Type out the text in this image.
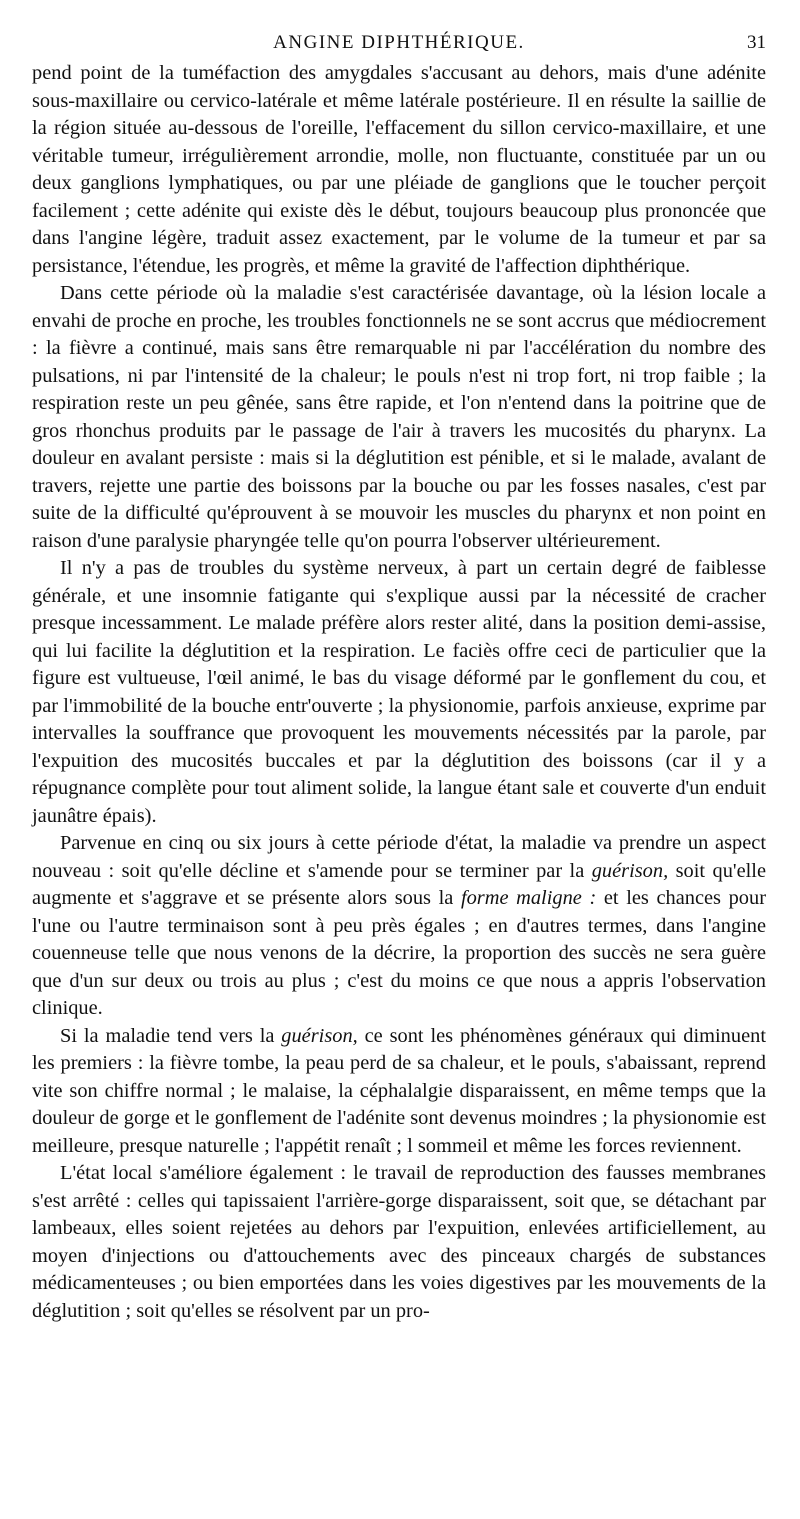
ANGINE DIPHTHÉRIQUE.	31

pend point de la tuméfaction des amygdales s'accusant au dehors, mais d'une adénite sous-maxillaire ou cervico-latérale et même latérale postérieure. Il en résulte la saillie de la région située au-dessous de l'oreille, l'effacement du sillon cervico-maxillaire, et une véritable tumeur, irrégulièrement arrondie, molle, non fluctuante, constituée par un ou deux ganglions lymphatiques, ou par une pléiade de ganglions que le toucher perçoit facilement ; cette adénite qui existe dès le début, toujours beaucoup plus prononcée que dans l'angine légère, traduit assez exactement, par le volume de la tumeur et par sa persistance, l'étendue, les progrès, et même la gravité de l'affection diphthérique.

Dans cette période où la maladie s'est caractérisée davantage, où la lésion locale a envahi de proche en proche, les troubles fonctionnels ne se sont accrus que médiocrement : la fièvre a continué, mais sans être remarquable ni par l'accélération du nombre des pulsations, ni par l'intensité de la chaleur; le pouls n'est ni trop fort, ni trop faible ; la respiration reste un peu gênée, sans être rapide, et l'on n'entend dans la poitrine que de gros rhonchus produits par le passage de l'air à travers les mucosités du pharynx. La douleur en avalant persiste : mais si la déglutition est pénible, et si le malade, avalant de travers, rejette une partie des boissons par la bouche ou par les fosses nasales, c'est par suite de la difficulté qu'éprouvent à se mouvoir les muscles du pharynx et non point en raison d'une paralysie pharyngée telle qu'on pourra l'observer ultérieurement.

Il n'y a pas de troubles du système nerveux, à part un certain degré de faiblesse générale, et une insomnie fatigante qui s'explique aussi par la nécessité de cracher presque incessamment. Le malade préfère alors rester alité, dans la position demi-assise, qui lui facilite la déglutition et la respiration. Le faciès offre ceci de particulier que la figure est vultueuse, l'œil animé, le bas du visage déformé par le gonflement du cou, et par l'immobilité de la bouche entr'ouverte ; la physionomie, parfois anxieuse, exprime par intervalles la souffrance que provoquent les mouvements nécessités par la parole, par l'expuition des mucosités buccales et par la déglutition des boissons (car il y a répugnance complète pour tout aliment solide, la langue étant sale et couverte d'un enduit jaunâtre épais).

Parvenue en cinq ou six jours à cette période d'état, la maladie va prendre un aspect nouveau : soit qu'elle décline et s'amende pour se terminer par la guérison, soit qu'elle augmente et s'aggrave et se présente alors sous la forme maligne : et les chances pour l'une ou l'autre terminaison sont à peu près égales ; en d'autres termes, dans l'angine couenneuse telle que nous venons de la décrire, la proportion des succès ne sera guère que d'un sur deux ou trois au plus ; c'est du moins ce que nous a appris l'observation clinique.

Si la maladie tend vers la guérison, ce sont les phénomènes généraux qui diminuent les premiers : la fièvre tombe, la peau perd de sa chaleur, et le pouls, s'abaissant, reprend vite son chiffre normal ; le malaise, la céphalalgie disparaissent, en même temps que la douleur de gorge et le gonflement de l'adénite sont devenus moindres ; la physionomie est meilleure, presque naturelle ; l'appétit renaît ; l sommeil et même les forces reviennent.

L'état local s'améliore également : le travail de reproduction des fausses membranes s'est arrêté : celles qui tapissaient l'arrière-gorge disparaissent, soit que, se détachant par lambeaux, elles soient rejetées au dehors par l'expuition, enlevées artificiellement, au moyen d'injections ou d'attouchements avec des pinceaux chargés de substances médicamenteuses ; ou bien emportées dans les voies digestives par les mouvements de la déglutition ; soit qu'elles se résolvent par un pro-
